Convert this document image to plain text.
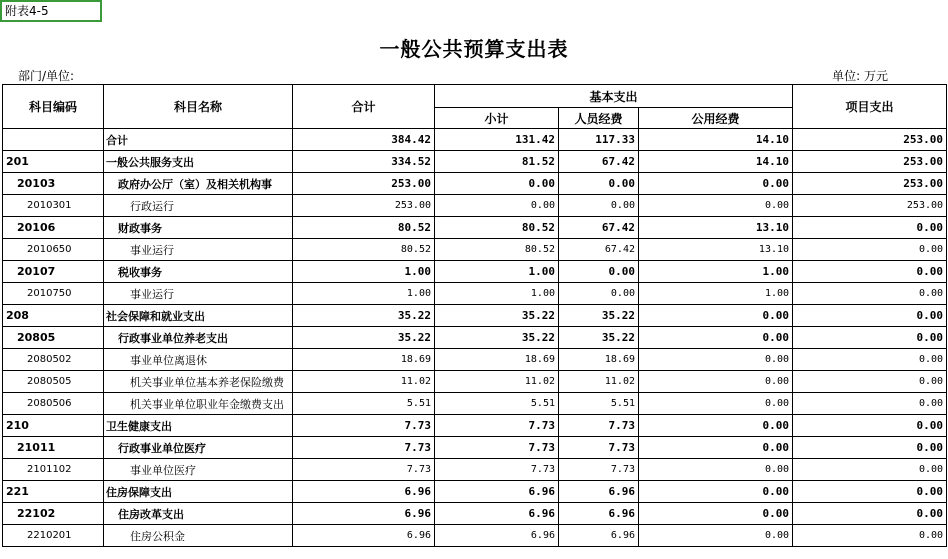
附表4-5
一般公共预算支出表
部门/单位:	单位: 万元
科目编码	科目名称	合计	基本支出			项目支出
			小计	人员经费	公用经费	
	合计	384.42	131.42	117.33	14.10	253.00
201	一般公共服务支出	334.52	81.52	67.42	14.10	253.00
20103	政府办公厅（室）及相关机构事	253.00	0.00	0.00	0.00	253.00
2010301	行政运行	253.00	0.00	0.00	0.00	253.00
20106	财政事务	80.52	80.52	67.42	13.10	0.00
2010650	事业运行	80.52	80.52	67.42	13.10	0.00
20107	税收事务	1.00	1.00	0.00	1.00	0.00
2010750	事业运行	1.00	1.00	0.00	1.00	0.00
208	社会保障和就业支出	35.22	35.22	35.22	0.00	0.00
20805	行政事业单位养老支出	35.22	35.22	35.22	0.00	0.00
2080502	事业单位离退休	18.69	18.69	18.69	0.00	0.00
2080505	机关事业单位基本养老保险缴费	11.02	11.02	11.02	0.00	0.00
2080506	机关事业单位职业年金缴费支出	5.51	5.51	5.51	0.00	0.00
210	卫生健康支出	7.73	7.73	7.73	0.00	0.00
21011	行政事业单位医疗	7.73	7.73	7.73	0.00	0.00
2101102	事业单位医疗	7.73	7.73	7.73	0.00	0.00
221	住房保障支出	6.96	6.96	6.96	0.00	0.00
22102	住房改革支出	6.96	6.96	6.96	0.00	0.00
2210201	住房公积金	6.96	6.96	6.96	0.00	0.00
